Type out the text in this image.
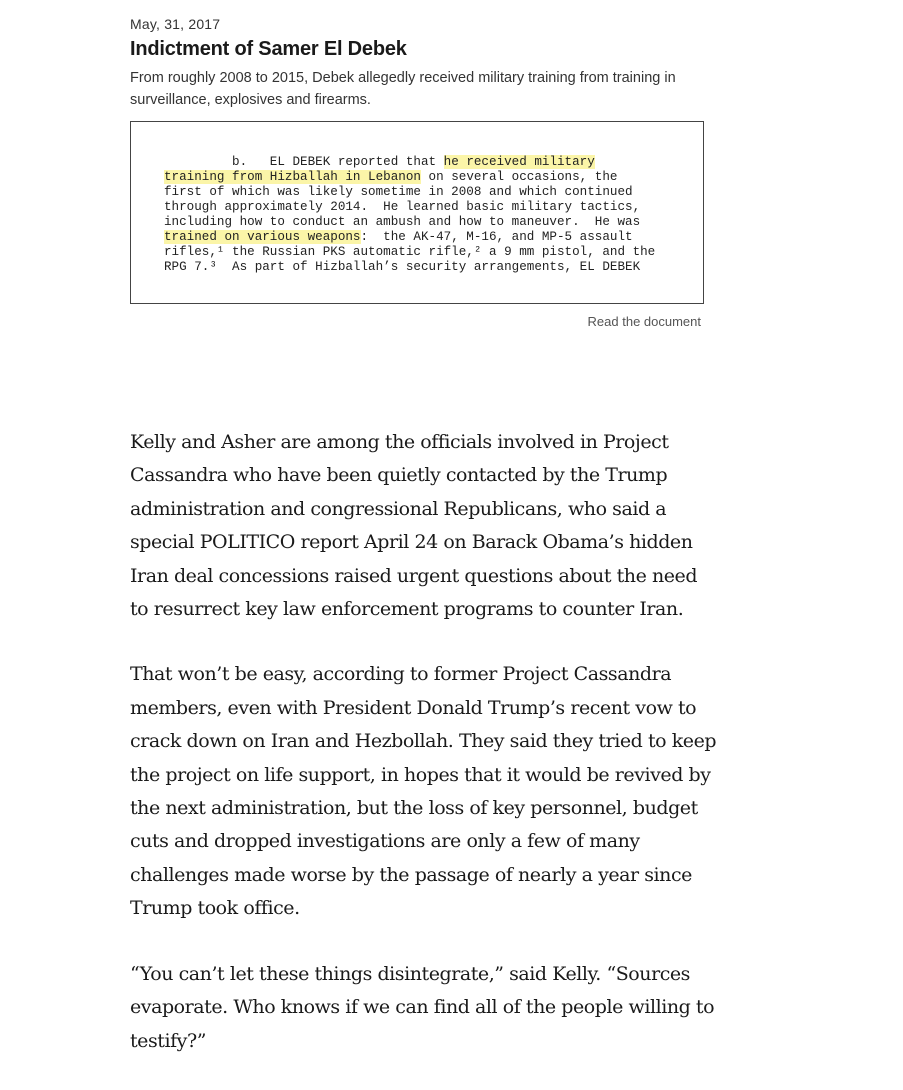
May, 31, 2017
Indictment of Samer El Debek

From roughly 2008 to 2015, Debek allegedly received military training from training in surveillance, explosives and firearms.

b.   EL DEBEK reported that he received military
training from Hizballah in Lebanon on several occasions, the
first of which was likely sometime in 2008 and which continued
through approximately 2014.  He learned basic military tactics,
including how to conduct an ambush and how to maneuver.  He was
trained on various weapons:  the AK-47, M-16, and MP-5 assault
rifles,¹ the Russian PKS automatic rifle,² a 9 mm pistol, and the
RPG 7.³  As part of Hizballah’s security arrangements, EL DEBEK
Read the document

Kelly and Asher are among the officials involved in Project Cassandra who have been quietly contacted by the Trump administration and congressional Republicans, who said a special POLITICO report April 24 on Barack Obama’s hidden Iran deal concessions raised urgent questions about the need to resurrect key law enforcement programs to counter Iran.

That won’t be easy, according to former Project Cassandra members, even with President Donald Trump’s recent vow to crack down on Iran and Hezbollah. They said they tried to keep the project on life support, in hopes that it would be revived by the next administration, but the loss of key personnel, budget cuts and dropped investigations are only a few of many challenges made worse by the passage of nearly a year since Trump took office.

“You can’t let these things disintegrate,” said Kelly. “Sources evaporate. Who knows if we can find all of the people willing to testify?”
